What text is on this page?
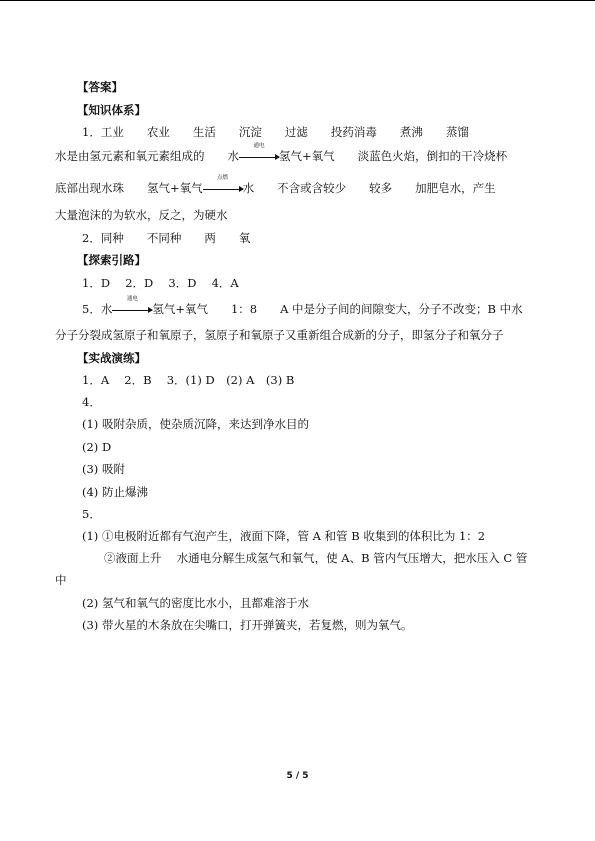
【答案】
【知识体系】
1．工业　　农业　　生活　　沉淀　　过滤　　投药消毒　　煮沸　　蒸馏
水是由氢元素和氧元素组成的　　水
通电
氢气+氧气　　淡蓝色火焰，倒扣的干冷烧杯
底部出现水珠　　氢气+氧气
点燃
水　　不含或含较少　　较多　　加肥皂水，产生
大量泡沫的为软水，反之，为硬水
2．同种　　不同种　　两　　氧
【探索引路】
1．D　 2．D　 3．D　 4．A
5．水
通电
氢气+氧气　　1：8　　A 中是分子间的间隙变大，分子不改变；B 中水
分子分裂成氢原子和氧原子，氢原子和氧原子又重新组合成新的分子，即氢分子和氧分子
【实战演练】
1．A　 2．B　 3．(1) D　(2) A　(3) B
4．
(1) 吸附杂质，使杂质沉降，来达到净水目的
(2) D
(3) 吸附
(4) 防止爆沸
5．
(1) ①电极附近都有气泡产生，液面下降，管 A 和管 B 收集到的体积比为 1：2
②液面上升　 水通电分解生成氢气和氧气，使 A、B 管内气压增大，把水压入 C 管
中
(2) 氢气和氧气的密度比水小，且都难溶于水
(3) 带火星的木条放在尖嘴口，打开弹簧夹，若复燃，则为氧气。
5 / 5
